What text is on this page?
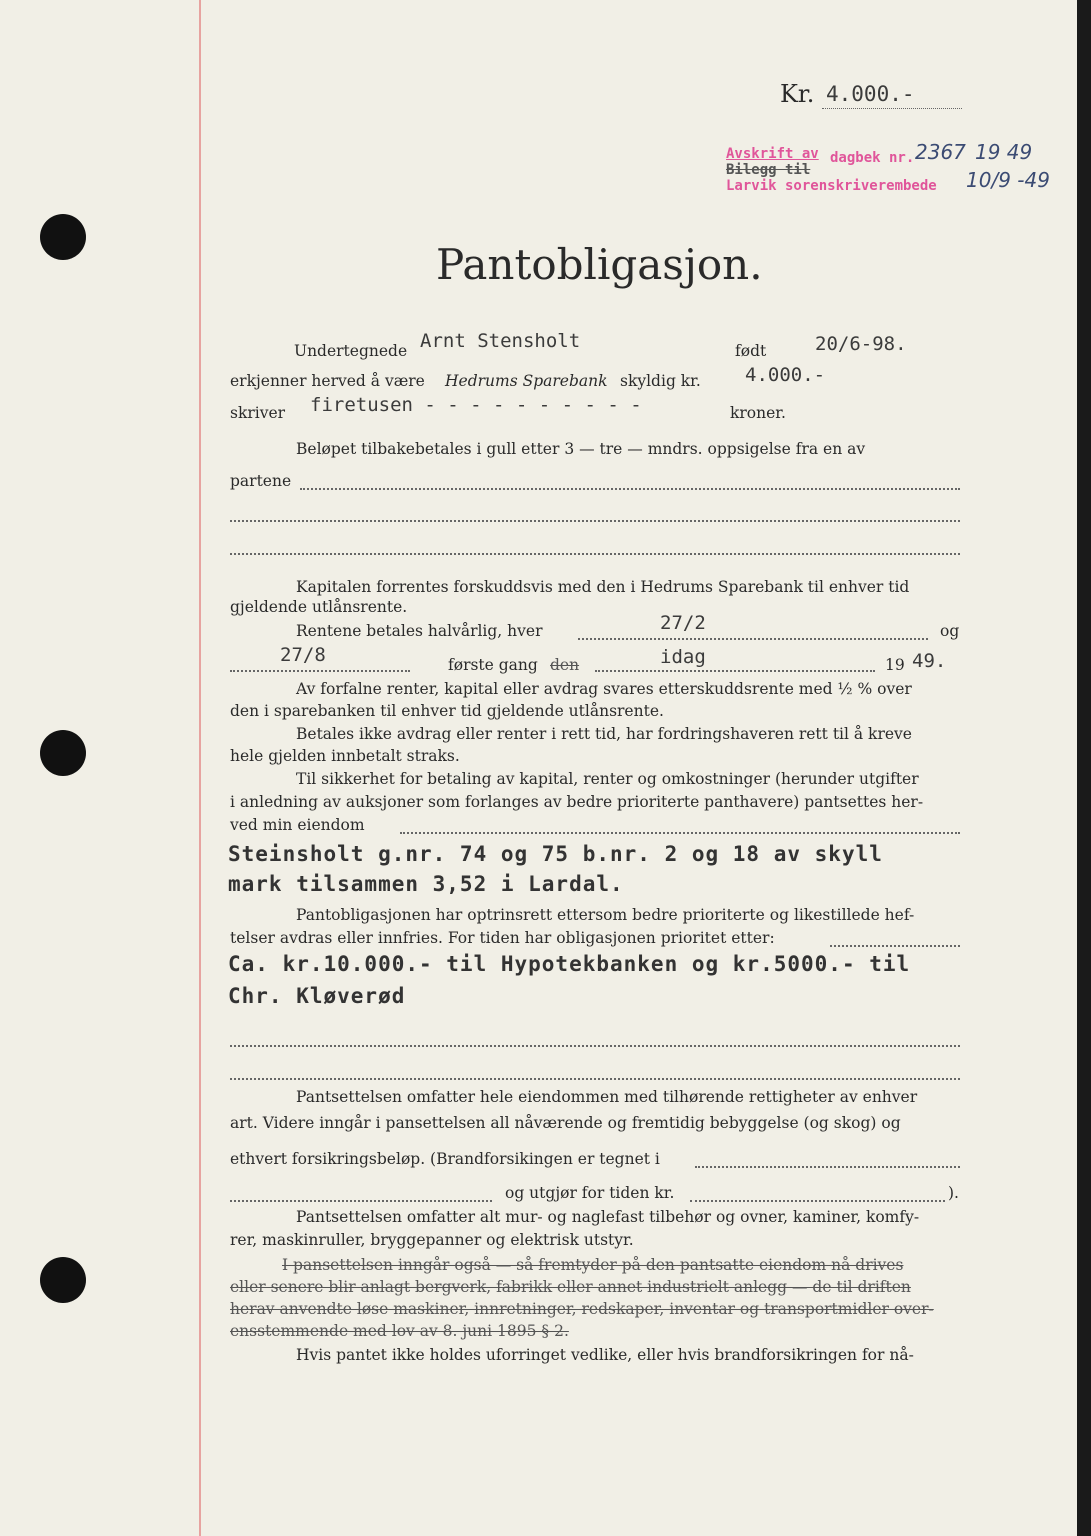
Kr. 4.000.-
Avskrift av
Bilegg til
dagbek nr. 2367 19 49
Larvik sorenskriverembede 10/9 -49
Pantobligasjon.
Undertegnede Arnt Stensholt	født	20/6-98.
erkjenner herved å være Hedrums Sparebank skyldig kr. 4.000.-
skriver firetusen - - - - - - - - - -	kroner.
Beløpet tilbakebetales i gull etter 3 — tre — mndrs. oppsigelse fra en av
partene
Kapitalen forrentes forskuddsvis med den i Hedrums Sparebank til enhver tid
gjeldende utlånsrente.
Rentene betales halvårlig, hver	27/2	og
27/8	første gang den	idag	19 49.
Av forfalne renter, kapital eller avdrag svares etterskuddsrente med ½ % over
den i sparebanken til enhver tid gjeldende utlånsrente.
Betales ikke avdrag eller renter i rett tid, har fordringshaveren rett til å kreve
hele gjelden innbetalt straks.
Til sikkerhet for betaling av kapital, renter og omkostninger (herunder utgifter
i anledning av auksjoner som forlanges av bedre prioriterte panthavere) pantsettes her-
ved min eiendom
Steinsholt g.nr. 74 og 75 b.nr. 2 og 18 av skyll
mark tilsammen 3,52 i Lardal.
Pantobligasjonen har optrinsrett ettersom bedre prioriterte og likestillede hef-
telser avdras eller innfries. For tiden har obligasjonen prioritet etter:
Ca. kr.10.000.- til Hypotekbanken og kr.5000.- til
Chr. Kløverød
Pantsettelsen omfatter hele eiendommen med tilhørende rettigheter av enhver
art. Videre inngår i pansettelsen all nåværende og fremtidig bebyggelse (og skog) og
ethvert forsikringsbeløp. (Brandforsikingen er tegnet i
og utgjør for tiden kr.	).
Pantsettelsen omfatter alt mur- og naglefast tilbehør og ovner, kaminer, komfy-
rer, maskinruller, bryggepanner og elektrisk utstyr.
I pansettelsen inngår også — så fremtyder på den pantsatte eiendom nå drives
eller senere blir anlagt bergverk, fabrikk eller annet industrielt anlegg — de til driften
herav anvendte løse maskiner, innretninger, redskaper, inventar og transportmidler over-
ensstemmende med lov av 8. juni 1895 § 2.
Hvis pantet ikke holdes uforringet vedlike, eller hvis brandforsikringen for nå-
